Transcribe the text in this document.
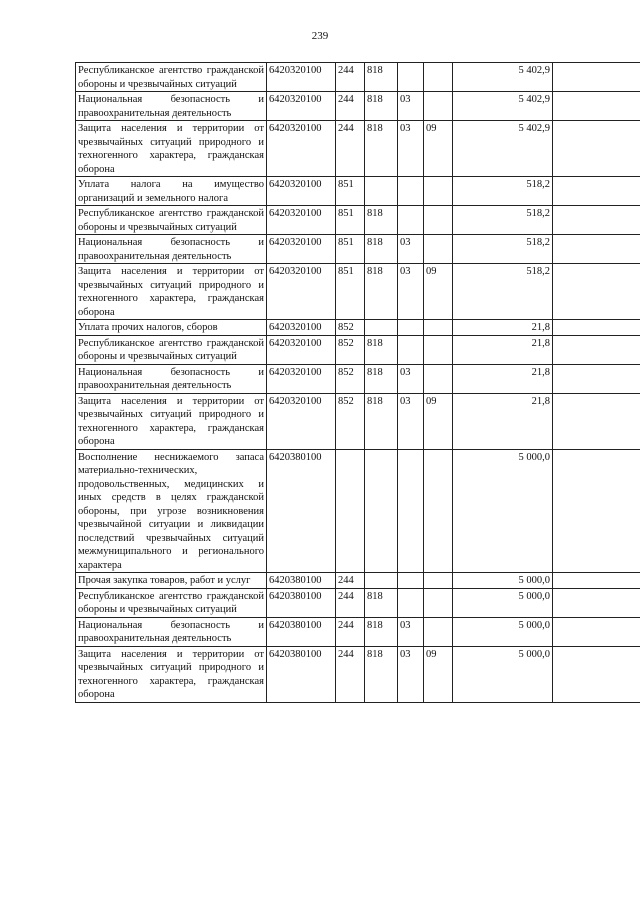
239
Республиканское агентство гражданской обороны и чрезвычайных ситуаций	6420320100	244	818			5 402,9	
Национальная безопасность и правоохранительная деятельность	6420320100	244	818	03		5 402,9	
Защита населения и территории от чрезвычайных ситуаций природного и техногенного характера, гражданская оборона	6420320100	244	818	03	09	5 402,9	
Уплата налога на имущество организаций и земельного налога	6420320100	851				518,2	
Республиканское агентство гражданской обороны и чрезвычайных ситуаций	6420320100	851	818			518,2	
Национальная безопасность и правоохранительная деятельность	6420320100	851	818	03		518,2	
Защита населения и территории от чрезвычайных ситуаций природного и техногенного характера, гражданская оборона	6420320100	851	818	03	09	518,2	
Уплата прочих налогов, сборов	6420320100	852				21,8	
Республиканское агентство гражданской обороны и чрезвычайных ситуаций	6420320100	852	818			21,8	
Национальная безопасность и правоохранительная деятельность	6420320100	852	818	03		21,8	
Защита населения и территории от чрезвычайных ситуаций природного и техногенного характера, гражданская оборона	6420320100	852	818	03	09	21,8	
Восполнение неснижаемого запаса материально-технических, продовольственных, медицинских и иных средств в целях гражданской обороны, при угрозе возникновения чрезвычайной ситуации и ликвидации последствий чрезвычайных ситуаций межмуниципального и регионального характера	6420380100					5 000,0	
Прочая закупка товаров, работ и услуг	6420380100	244				5 000,0	
Республиканское агентство гражданской обороны и чрезвычайных ситуаций	6420380100	244	818			5 000,0	
Национальная безопасность и правоохранительная деятельность	6420380100	244	818	03		5 000,0	
Защита населения и территории от чрезвычайных ситуаций природного и техногенного характера, гражданская оборона	6420380100	244	818	03	09	5 000,0	
